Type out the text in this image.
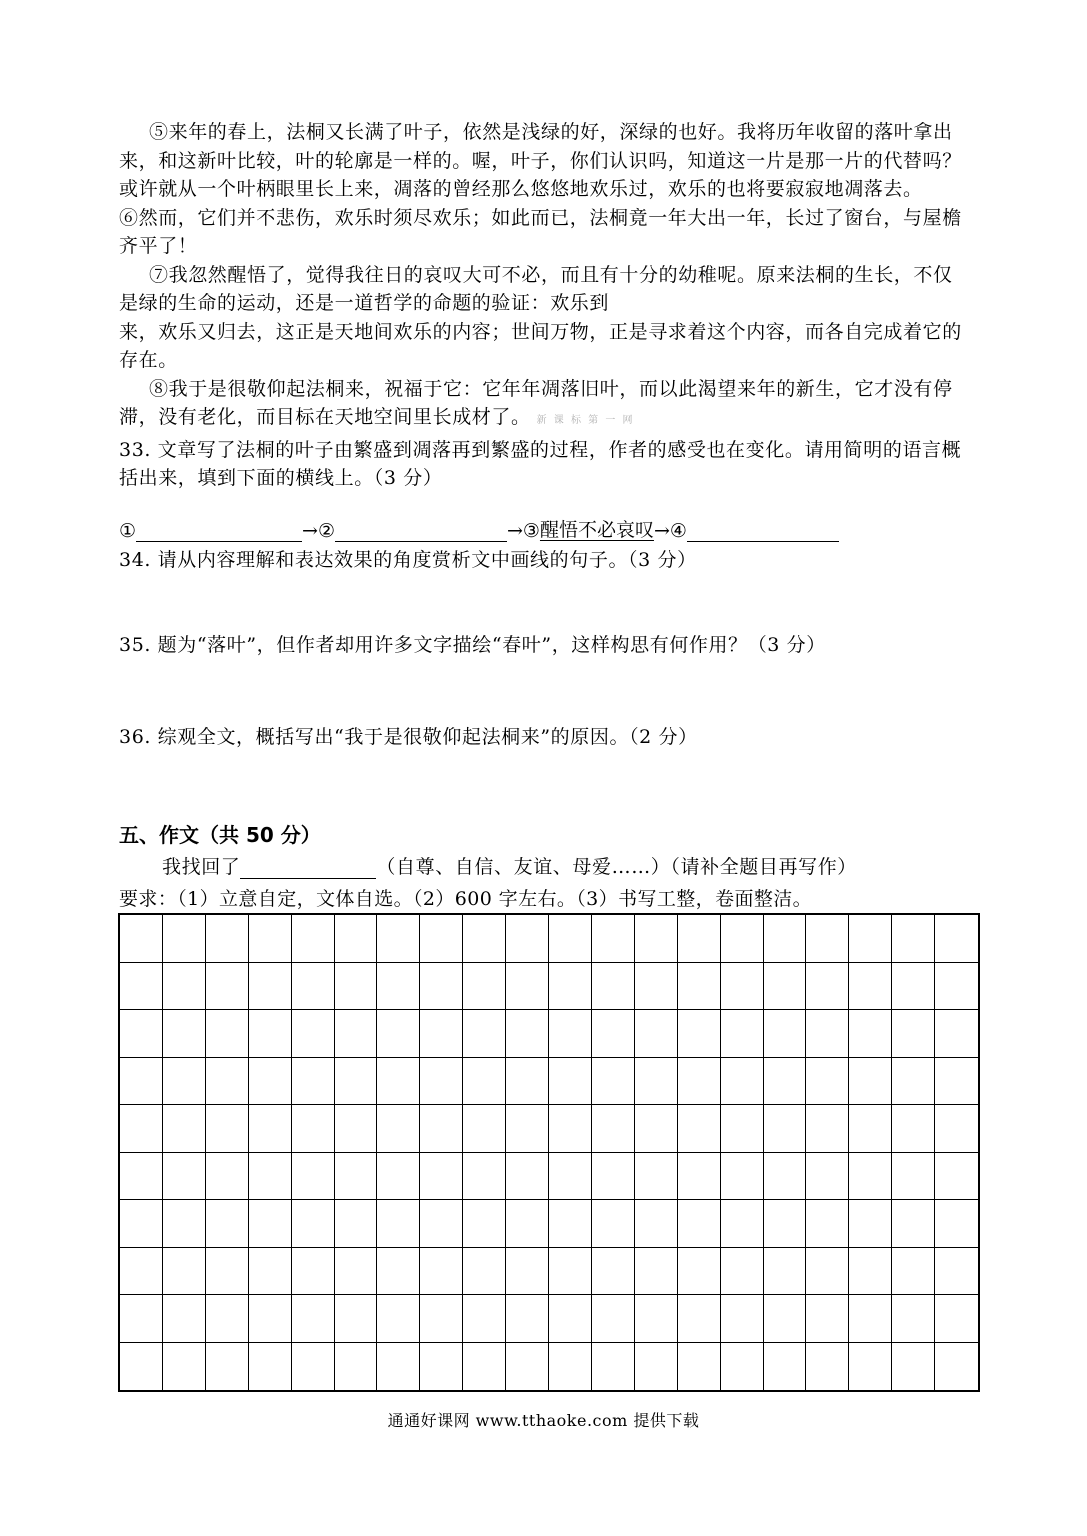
⑤来年的春上，法桐又长满了叶子，依然是浅绿的好，深绿的也好。我将历年收留的落叶拿出来，和这新叶比较，叶的轮廓是一样的。喔，叶子，你们认识吗，知道这一片是那一片的代替吗？或许就从一个叶柄眼里长上来，凋落的曾经那么悠悠地欢乐过，欢乐的也将要寂寂地凋落去。

⑥然而，它们并不悲伤，欢乐时须尽欢乐；如此而已，法桐竟一年大出一年，长过了窗台，与屋檐齐平了！

⑦我忽然醒悟了，觉得我往日的哀叹大可不必，而且有十分的幼稚呢。原来法桐的生长，不仅是绿的生命的运动，还是一道哲学的命题的验证：欢乐到

来，欢乐又归去，这正是天地间欢乐的内容；世间万物，正是寻求着这个内容，而各自完成着它的存在。

⑧我于是很敬仰起法桐来，祝福于它：它年年凋落旧叶，而以此渴望来年的新生，它才没有停滞，没有老化，而目标在天地空间里长成材了。 新 课 标 第 一 网

33. 文章写了法桐的叶子由繁盛到凋落再到繁盛的过程，作者的感受也在变化。请用简明的语言概括出来，填到下面的横线上。（3 分）

①	→②	→③ 醒悟不必哀叹 →④
34. 请从内容理解和表达效果的角度赏析文中画线的句子。（3 分）
35. 题为“落叶”，但作者却用许多文字描绘“春叶”，这样构思有何作用？（3 分）
36. 综观全文，概括写出“我于是很敬仰起法桐来”的原因。（2 分）
五、作文（共 50 分）
我找回了	（自尊、自信、友谊、母爱……）（请补全题目再写作）
要求：（1）立意自定，文体自选。（2）600 字左右。（3）书写工整，卷面整洁。
通通好课网 www.tthaoke.com 提供下载
